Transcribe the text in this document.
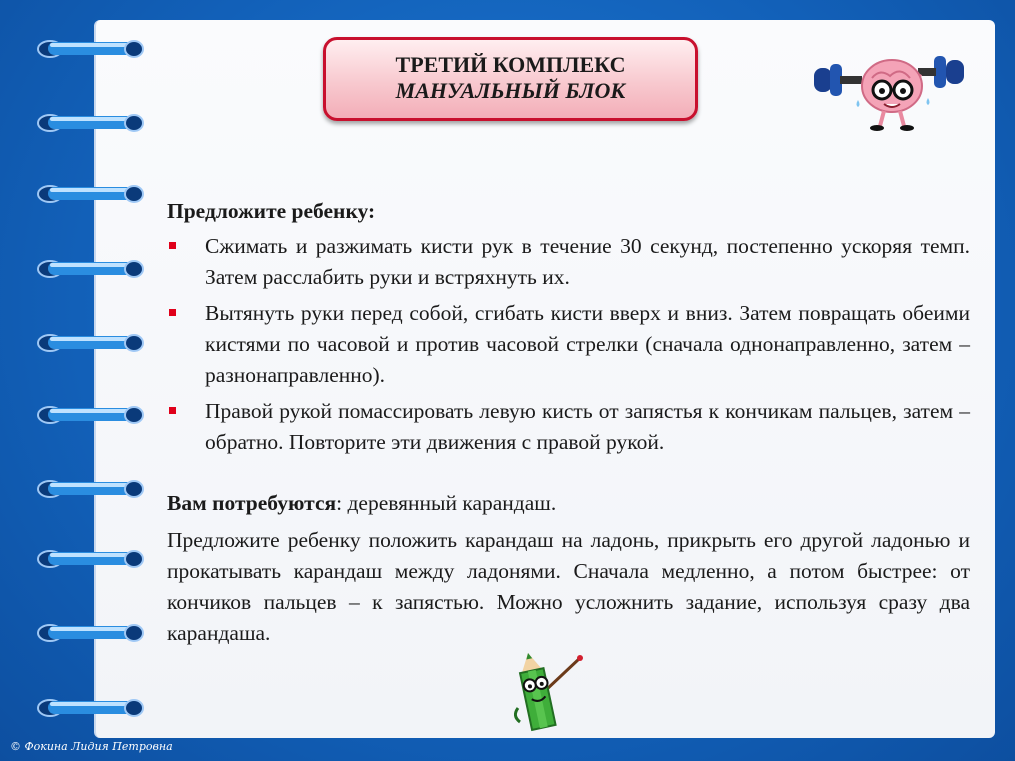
ТРЕТИЙ КОМПЛЕКС
МАНУАЛЬНЫЙ БЛОК
Предложите ребенку:
Сжимать и разжимать кисти рук в течение 30 секунд, постепенно ускоряя темп. Затем расслабить руки и встряхнуть их.
Вытянуть руки перед собой, сгибать кисти вверх и вниз. Затем повращать обеими кистями по часовой и против часовой стрелки (сначала однонаправленно, затем – разнонаправленно).
Правой рукой помассировать левую кисть от запястья к кончикам пальцев, затем – обратно. Повторите эти движения с правой рукой.
Вам потребуются: деревянный карандаш.
Предложите ребенку положить карандаш на ладонь, прикрыть его другой ладонью и прокатывать карандаш между ладонями. Сначала медленно, а потом быстрее: от кончиков пальцев – к запястью. Можно усложнить задание, используя сразу два карандаша.
© Фокина Лидия Петровна
